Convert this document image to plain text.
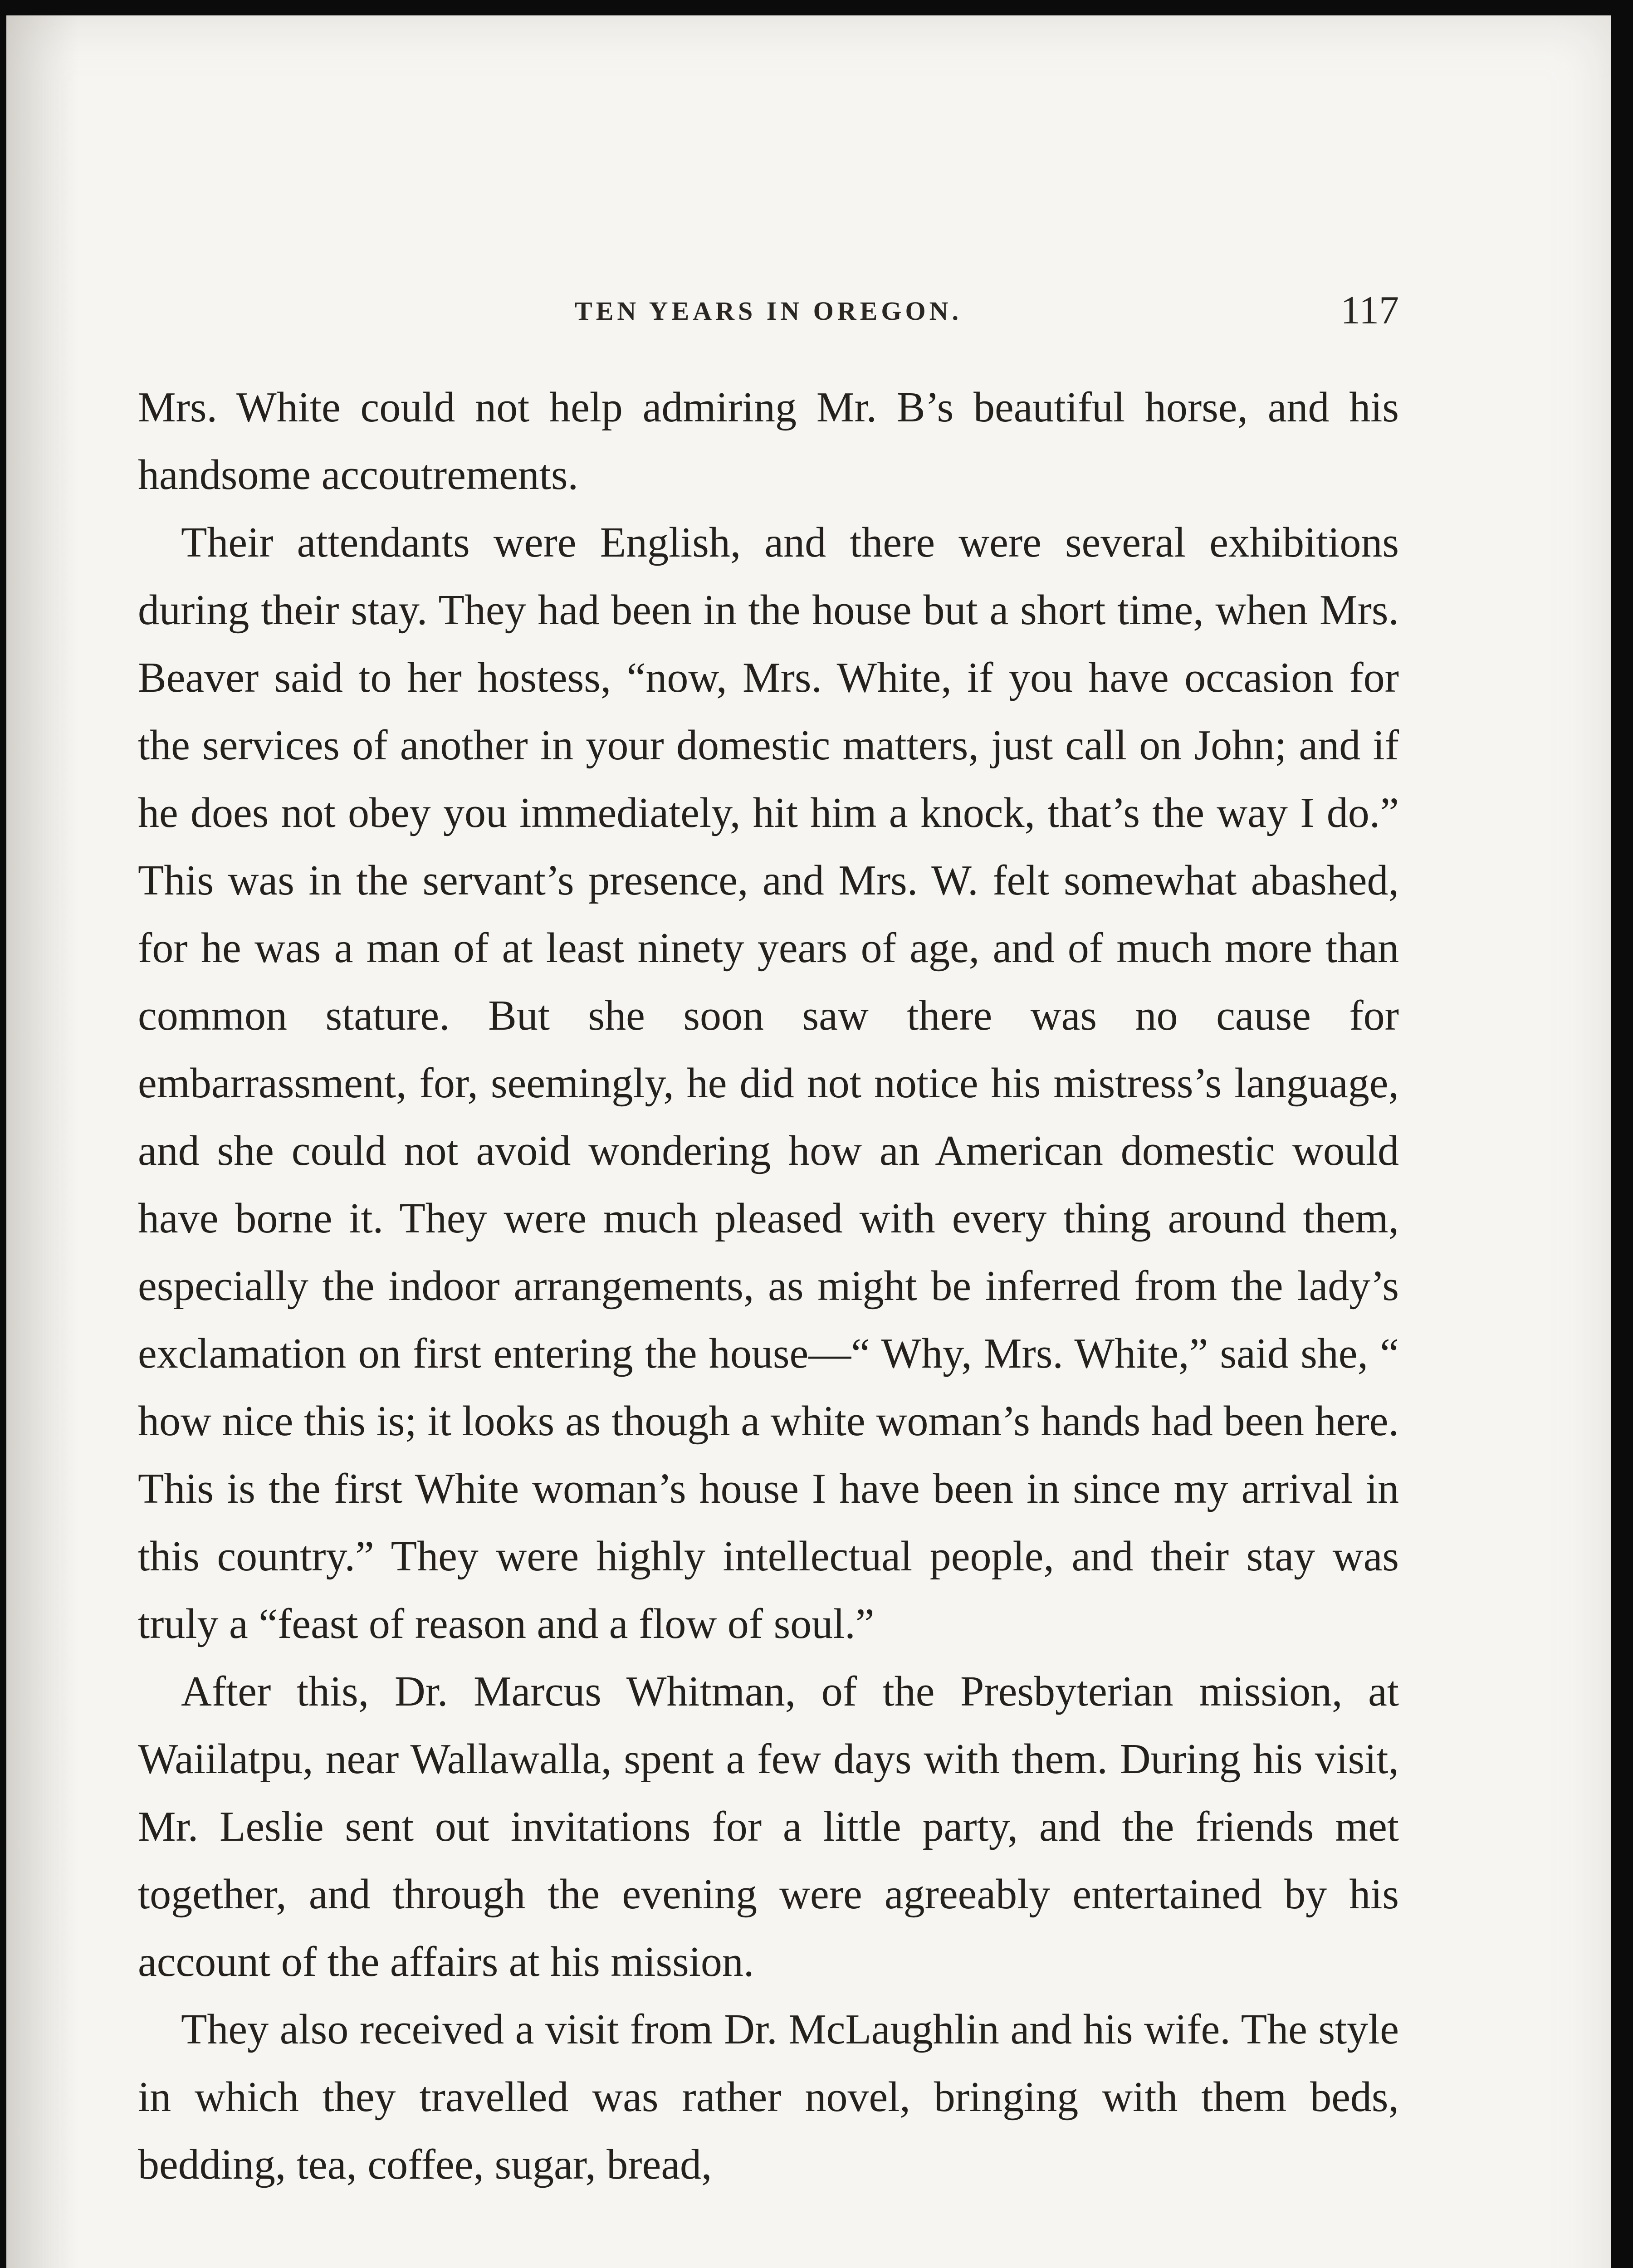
TEN YEARS IN OREGON.	117

Mrs. White could not help admiring Mr. B’s beautiful horse, and his handsome accoutrements.

Their attendants were English, and there were several exhibitions during their stay. They had been in the house but a short time, when Mrs. Beaver said to her hostess, “now, Mrs. White, if you have occasion for the services of another in your domestic matters, just call on John; and if he does not obey you immediately, hit him a knock, that’s the way I do.” This was in the servant’s presence, and Mrs. W. felt somewhat abashed, for he was a man of at least ninety years of age, and of much more than common stature. But she soon saw there was no cause for embarrassment, for, seemingly, he did not notice his mistress’s language, and she could not avoid wondering how an American domestic would have borne it. They were much pleased with every thing around them, especially the indoor arrangements, as might be inferred from the lady’s exclamation on first entering the house—“ Why, Mrs. White,” said she, “ how nice this is; it looks as though a white woman’s hands had been here. This is the first White woman’s house I have been in since my arrival in this country.” They were highly intellectual people, and their stay was truly a “feast of reason and a flow of soul.”

After this, Dr. Marcus Whitman, of the Presbyterian mission, at Waiilatpu, near Wallawalla, spent a few days with them. During his visit, Mr. Leslie sent out invitations for a little party, and the friends met together, and through the evening were agreeably entertained by his account of the affairs at his mission.

They also received a visit from Dr. McLaughlin and his wife. The style in which they travelled was rather novel, bringing with them beds, bedding, tea, coffee, sugar, bread,
